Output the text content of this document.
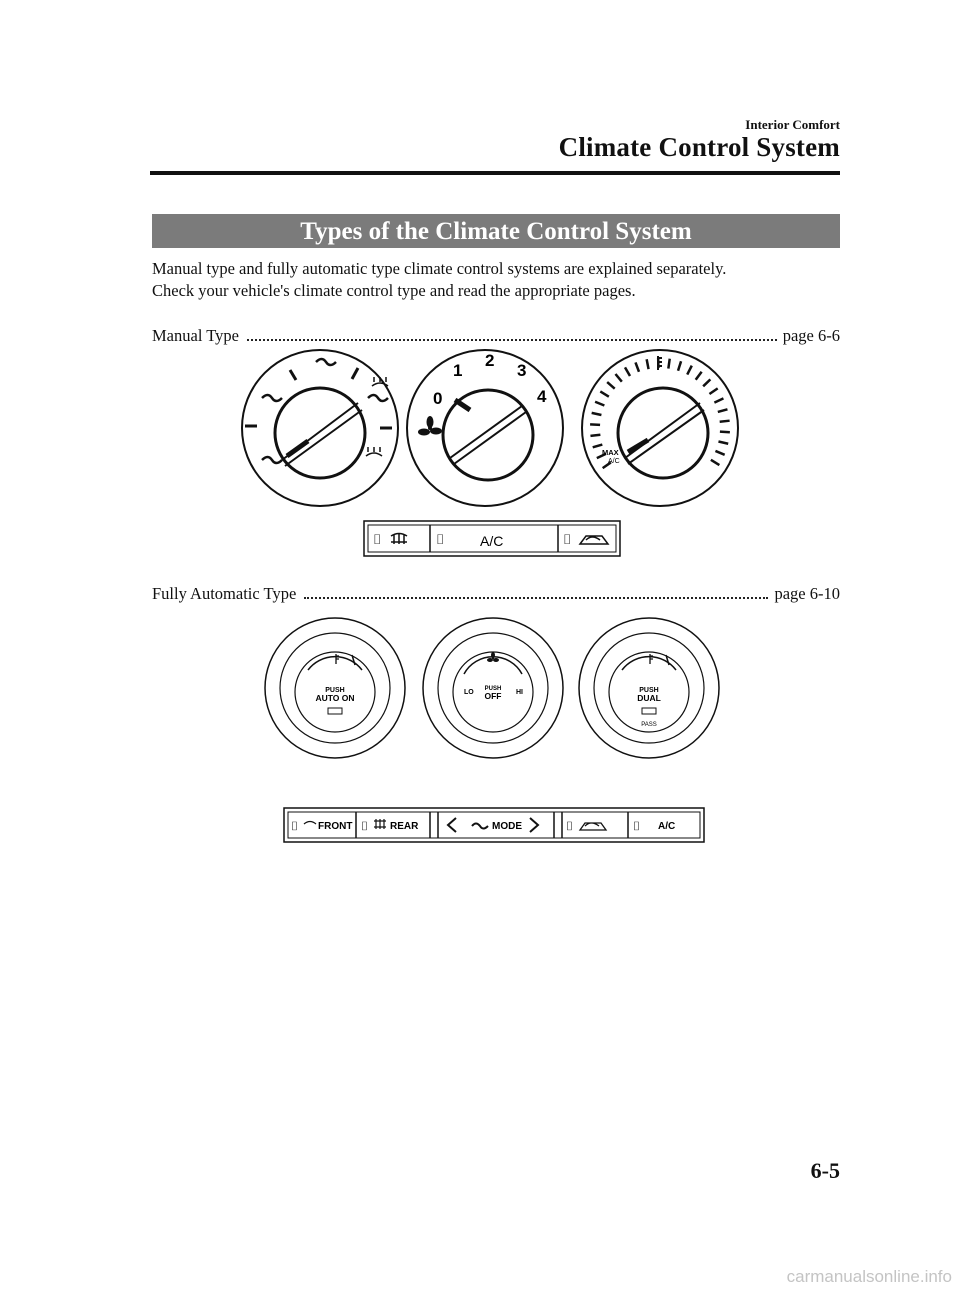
Interior Comfort
Climate Control System
Types of the Climate Control System

Manual type and fully automatic type climate control systems are explained separately.

Check your vehicle's climate control type and read the appropriate pages.

Manual Type	page 6-6
0
1
2
3
4
MAX
A/C
⌷	⌷	A/C	⌷
Fully Automatic Type	page 6-10
PUSH
AUTO ON
LO	HI
PUSH
OFF
PUSH
DUAL
PASS
⌷ FRONT ⌷ REAR	MODE	⌷	⌷ A/C
6-5
carmanualsonline.info
